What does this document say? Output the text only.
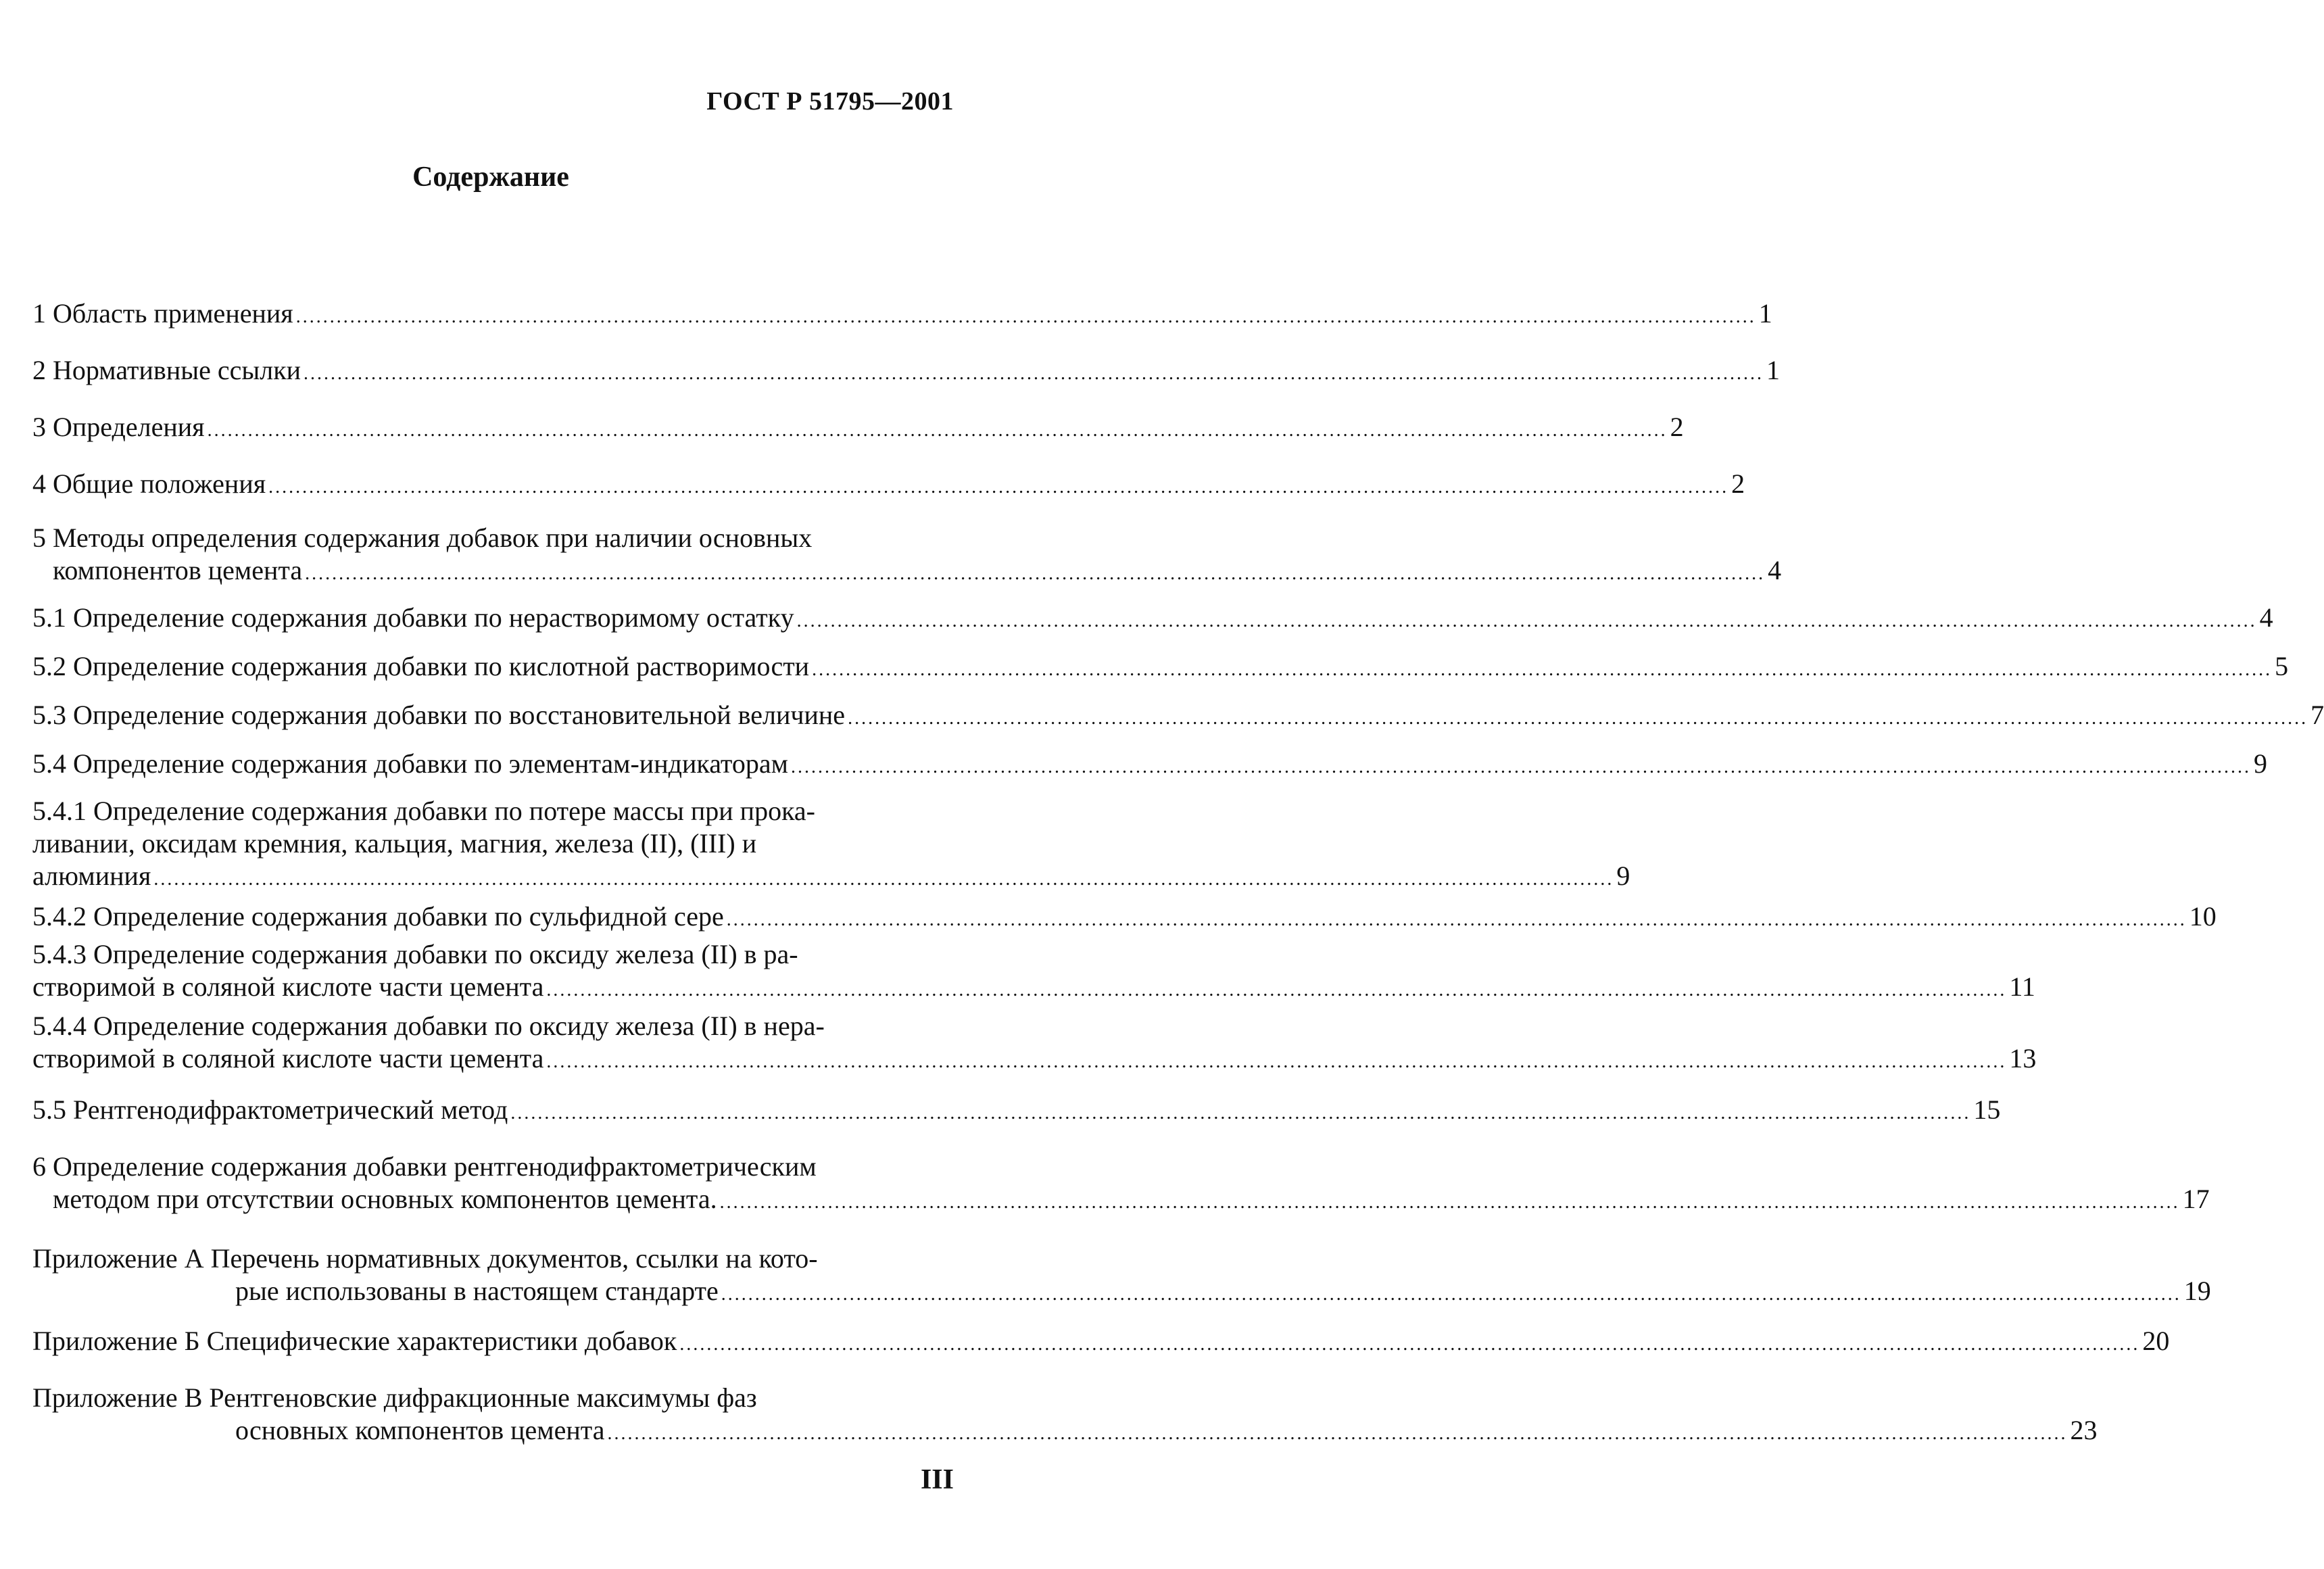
ГОСТ Р 51795—2001
Содержание
1 Область применения ........................................................................................................................................................................................................................ 1
2 Нормативные ссылки ........................................................................................................................................................................................................................ 1
3 Определения ........................................................................................................................................................................................................................ 2
4 Общие положения ........................................................................................................................................................................................................................ 2
5 Методы определения содержания добавок при наличии основных
компонентов цемента ........................................................................................................................................................................................................................ 4
5.1 Определение содержания добавки по нерастворимому остатку ........................................................................................................................................................................................................................ 4
5.2 Определение содержания добавки по кислотной растворимости ........................................................................................................................................................................................................................ 5
5.3 Определение содержания добавки по восстановительной величине ........................................................................................................................................................................................................................ 7
5.4 Определение содержания добавки по элементам-индикаторам ........................................................................................................................................................................................................................ 9
5.4.1 Определение содержания добавки по потере массы при прока-
ливании, оксидам кремния, кальция, магния, железа (II), (III) и
алюминия ........................................................................................................................................................................................................................ 9
5.4.2 Определение содержания добавки по сульфидной сере ........................................................................................................................................................................................................................ 10
5.4.3 Определение содержания добавки по оксиду железа (II) в ра-
створимой в соляной кислоте части цемента ........................................................................................................................................................................................................................ 11
5.4.4 Определение содержания добавки по оксиду железа (II) в нера-
створимой в соляной кислоте части цемента ........................................................................................................................................................................................................................ 13
5.5 Рентгенодифрактометрический метод ........................................................................................................................................................................................................................ 15
6 Определение содержания добавки рентгенодифрактометрическим
методом при отсутствии основных компонентов цемента. ........................................................................................................................................................................................................................ 17
Приложение А Перечень нормативных документов, ссылки на кото-
рые использованы в настоящем стандарте ........................................................................................................................................................................................................................ 19
Приложение Б Специфические характеристики добавок ........................................................................................................................................................................................................................ 20
Приложение В Рентгеновские дифракционные максимумы фаз
основных компонентов цемента ........................................................................................................................................................................................................................ 23
III
